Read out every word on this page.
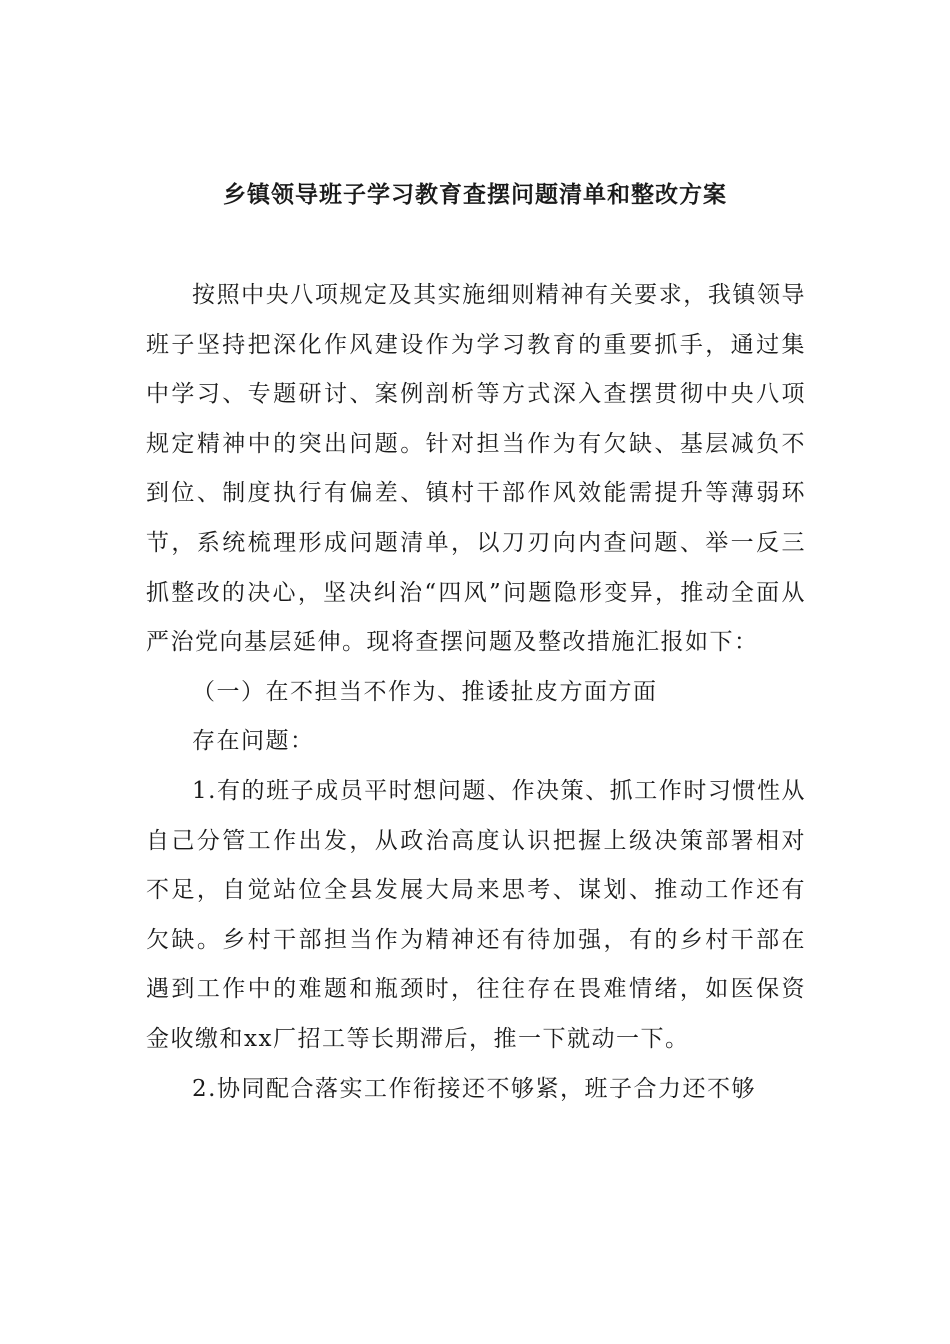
乡镇领导班子学习教育查摆问题清单和整改方案

按照中央八项规定及其实施细则精神有关要求，我镇领导班子坚持把深化作风建设作为学习教育的重要抓手，通过集中学习、专题研讨、案例剖析等方式深入查摆贯彻中央八项规定精神中的突出问题。针对担当作为有欠缺、基层减负不到位、制度执行有偏差、镇村干部作风效能需提升等薄弱环节，系统梳理形成问题清单，以刀刃向内查问题、举一反三抓整改的决心，坚决纠治“四风”问题隐形变异，推动全面从严治党向基层延伸。现将查摆问题及整改措施汇报如下：

（一）在不担当不作为、推诿扯皮方面方面

存在问题：

1.有的班子成员平时想问题、作决策、抓工作时习惯性从自己分管工作出发，从政治高度认识把握上级决策部署相对不足，自觉站位全县发展大局来思考、谋划、推动工作还有欠缺。乡村干部担当作为精神还有待加强，有的乡村干部在遇到工作中的难题和瓶颈时，往往存在畏难情绪，如医保资金收缴和xx厂招工等长期滞后，推一下就动一下。

2.协同配合落实工作衔接还不够紧，班子合力还不够
